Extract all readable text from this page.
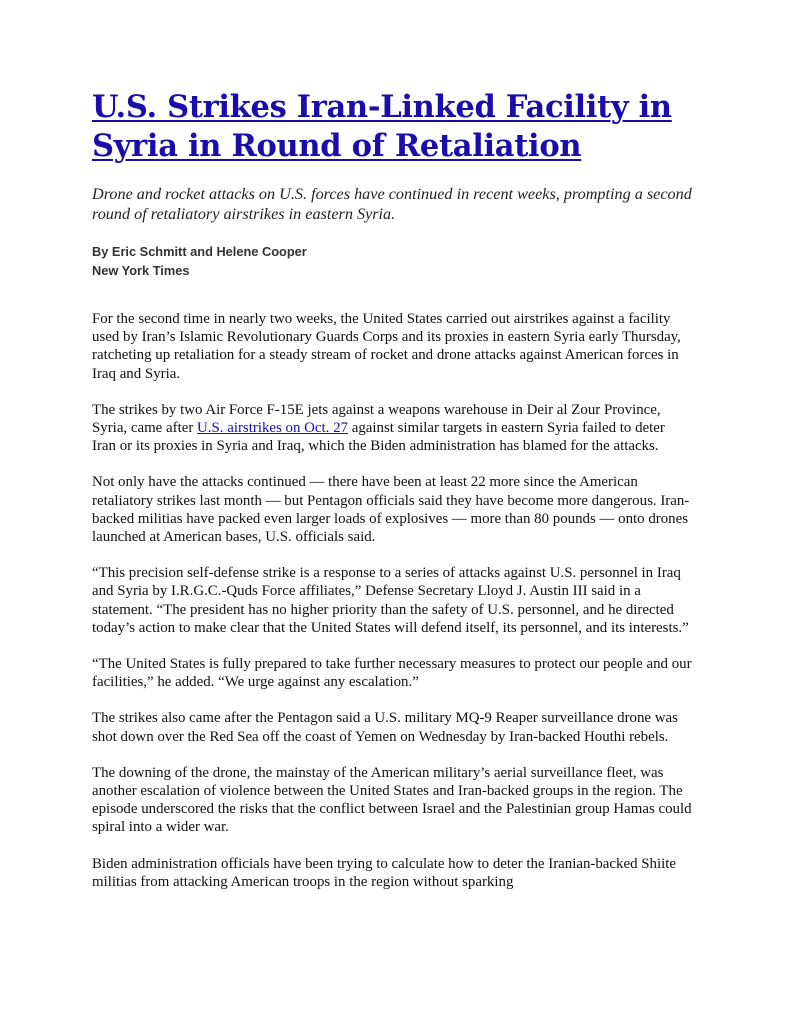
U.S. Strikes Iran-Linked Facility in Syria in Round of Retaliation

Drone and rocket attacks on U.S. forces have continued in recent weeks, prompting a second round of retaliatory airstrikes in eastern Syria.

By Eric Schmitt and Helene Cooper
New York Times

For the second time in nearly two weeks, the United States carried out airstrikes against a facility used by Iran’s Islamic Revolutionary Guards Corps and its proxies in eastern Syria early Thursday, ratcheting up retaliation for a steady stream of rocket and drone attacks against American forces in Iraq and Syria.

The strikes by two Air Force F-15E jets against a weapons warehouse in Deir al Zour Province, Syria, came after U.S. airstrikes on Oct. 27 against similar targets in eastern Syria failed to deter Iran or its proxies in Syria and Iraq, which the Biden administration has blamed for the attacks.

Not only have the attacks continued — there have been at least 22 more since the American retaliatory strikes last month — but Pentagon officials said they have become more dangerous. Iran-backed militias have packed even larger loads of explosives — more than 80 pounds — onto drones launched at American bases, U.S. officials said.

“This precision self-defense strike is a response to a series of attacks against U.S. personnel in Iraq and Syria by I.R.G.C.-Quds Force affiliates,” Defense Secretary Lloyd J. Austin III said in a statement. “The president has no higher priority than the safety of U.S. personnel, and he directed today’s action to make clear that the United States will defend itself, its personnel, and its interests.”

“The United States is fully prepared to take further necessary measures to protect our people and our facilities,” he added. “We urge against any escalation.”

The strikes also came after the Pentagon said a U.S. military MQ-9 Reaper surveillance drone was shot down over the Red Sea off the coast of Yemen on Wednesday by Iran-backed Houthi rebels.

The downing of the drone, the mainstay of the American military’s aerial surveillance fleet, was another escalation of violence between the United States and Iran-backed groups in the region. The episode underscored the risks that the conflict between Israel and the Palestinian group Hamas could spiral into a wider war.

Biden administration officials have been trying to calculate how to deter the Iranian-backed Shiite militias from attacking American troops in the region without sparking
